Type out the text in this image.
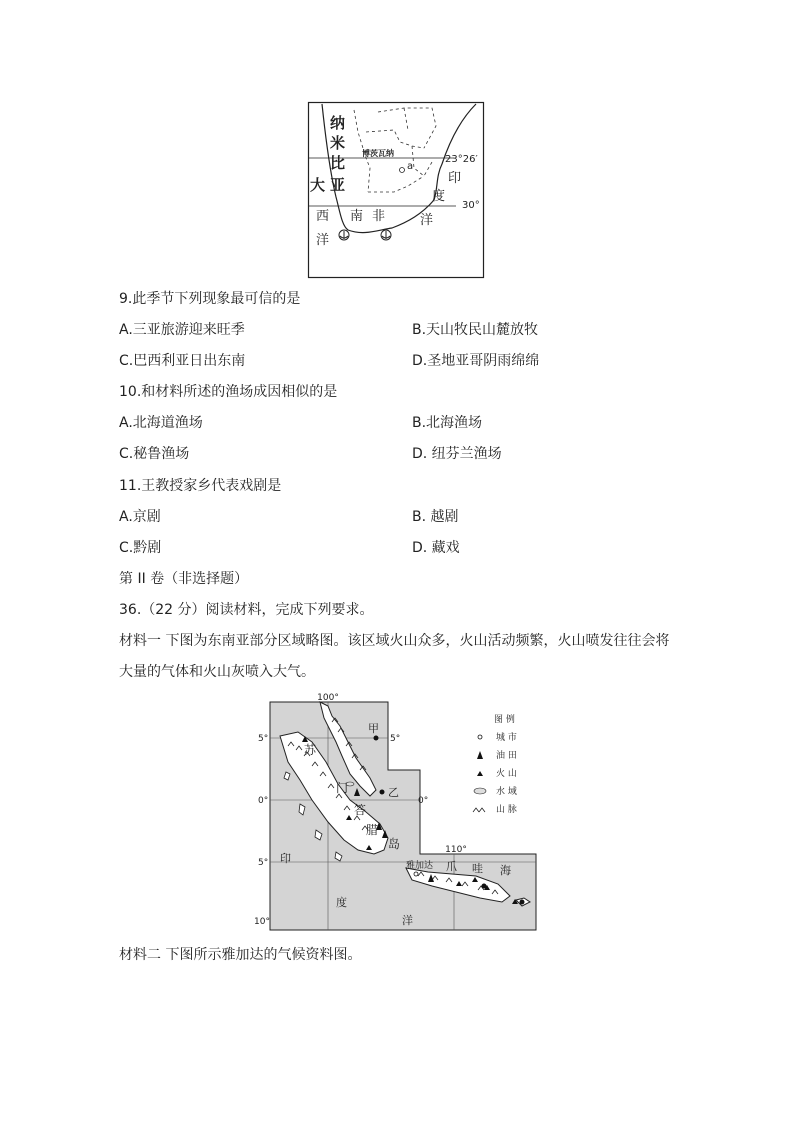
纳
米
比
亚
大
西
洋
博茨瓦纳
a
23°26′
30°
南 非
印
度
洋
9.此季节下列现象最可信的是
A.三亚旅游迎来旺季	B.天山牧民山麓放牧
C.巴西利亚日出东南	D.圣地亚哥阴雨绵绵
10.和材料所述的渔场成因相似的是
A.北海道渔场	B.北海渔场
C.秘鲁渔场	D. 纽芬兰渔场
11.王教授家乡代表戏剧是
A.京剧	B. 越剧
C.黔剧	D. 藏戏
第 II 卷（非选择题）
36.（22 分）阅读材料，完成下列要求。
材料一 下图为东南亚部分区域略图。该区域火山众多，火山活动频繁，火山喷发往往会将
大量的气体和火山灰喷入大气。
100°
110°
5°	5°
0°	0°
5°
10°
甲
乙
苏
门
答
腊
岛
雅加达 爪 哇 海
印
度
洋
图 例
城 市
油 田
火 山
水 域
山 脉
材料二 下图所示雅加达的气候资料图。
